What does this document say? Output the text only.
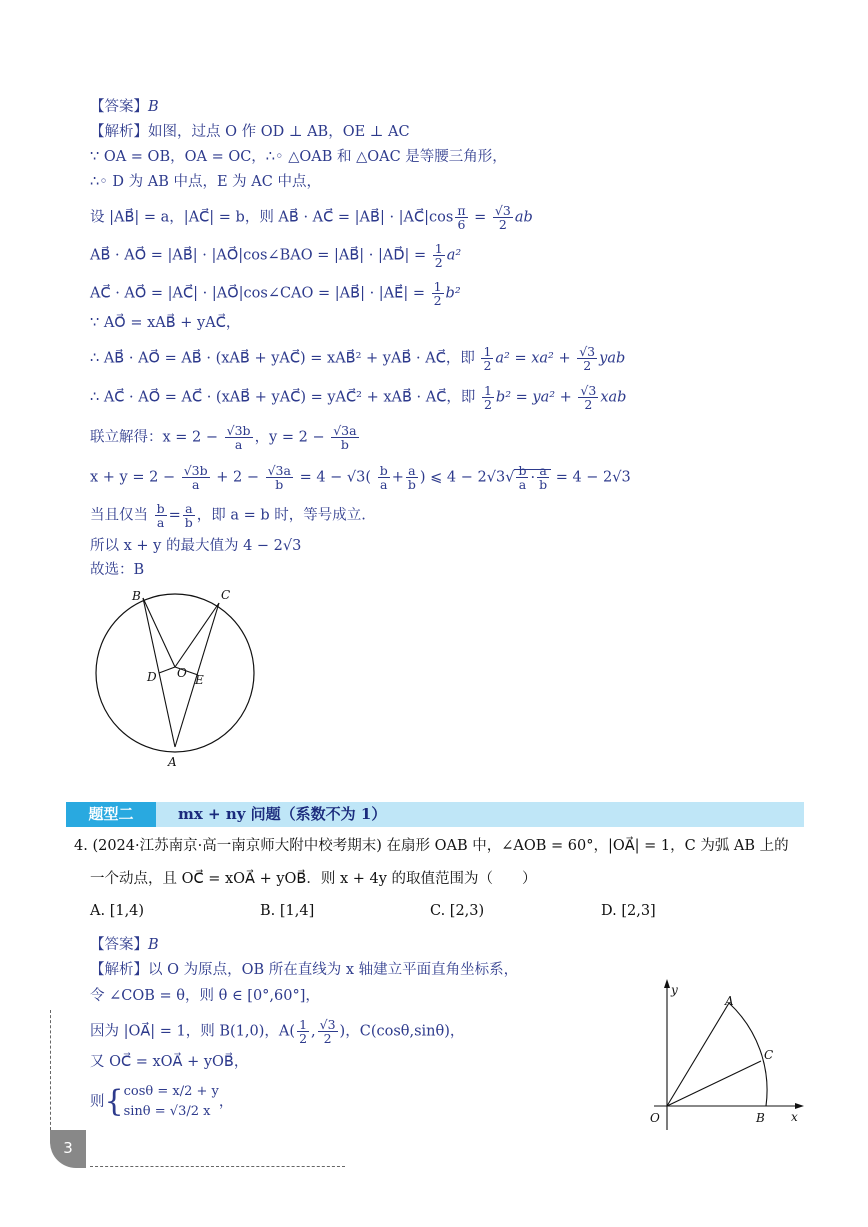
【答案】B
【解析】如图，过点 O 作 OD ⊥ AB，OE ⊥ AC
∵ OA = OB，OA = OC，∴◦ △OAB 和 △OAC 是等腰三角形，
∴◦ D 为 AB 中点，E 为 AC 中点，
设 |AB⃗| = a，|AC⃗| = b，则 AB⃗ · AC⃗ = |AB⃗| · |AC⃗|cos $\frac{\pi}{6} = \frac{√3}{2}$ ab
AB⃗ · AO⃗ = |AB⃗| · |AO⃗|cos∠BAO = |AB⃗| · |AD⃗| = $\frac{1}{2} a^2$
AC⃗ · AO⃗ = |AC⃗| · |AO⃗|cos∠CAO = |AB⃗| · |AE⃗| = $\frac{1}{2} b^2$
∵ AO⃗ = xAB⃗ + yAC⃗，
∴ AB⃗ · AO⃗ = AB⃗ · (xAB⃗ + yAC⃗) = xAB⃗² + yAB⃗ · AC⃗，即 $\frac{1}{2} a^2 = xa^2 + \frac{√3}{2}$ yab
∴ AC⃗ · AO⃗ = AC⃗ · (xAB⃗ + yAC⃗) = yAC⃗² + xAB⃗ · AC⃗，即 $\frac{1}{2} b^2 = ya^2 + \frac{√3}{2}$ xab
联立解得：$x = 2 - \frac{√3b}{a}$ ，$y = 2 - \frac{√3a}{b}$
$x + y = 2 - \frac{√3b}{a} + 2 - \frac{√3a}{b} = 4 - √3( \frac{b}{a} + \frac{a}{b}$ ) ⩽ $4 - 2√3√ \frac{b}{a} \cdot \frac{a}{b} = 4 - 2√3$
当且仅当 $\frac{b}{a} = \frac{a}{b}$ ，即 a = b 时，等号成立.
所以 x + y 的最大值为 4 − 2√3
故选：B
B	C
D O E
A
题型二	mx + ny 问题（系数不为 1）
4. (2024·江苏南京·高一南京师大附中校考期末) 在扇形 OAB 中，∠AOB = 60°，|OA⃗| = 1，C 为弧 AB 上的
一个动点，且 OC⃗ = xOA⃗ + yOB⃗．则 x + 4y 的取值范围为（　　）
A. [1,4)	B. [1,4]	C. [2,3)	D. [2,3]
【答案】B
【解析】以 O 为原点，OB 所在直线为 x 轴建立平面直角坐标系，
令 ∠COB = θ，则 θ ∈ [0°,60°]，
因为 |OA⃗| = 1，则 B(1,0)，$A( \frac{1}{2}$ , $\frac{√3}{2}$ )，C(cosθ,sinθ)，
又 OC⃗ = xOA⃗ + yOB⃗，
则{ cosθ = x/2 + y
sinθ = √3/2 x
，
y
A
C
O	B x
3
